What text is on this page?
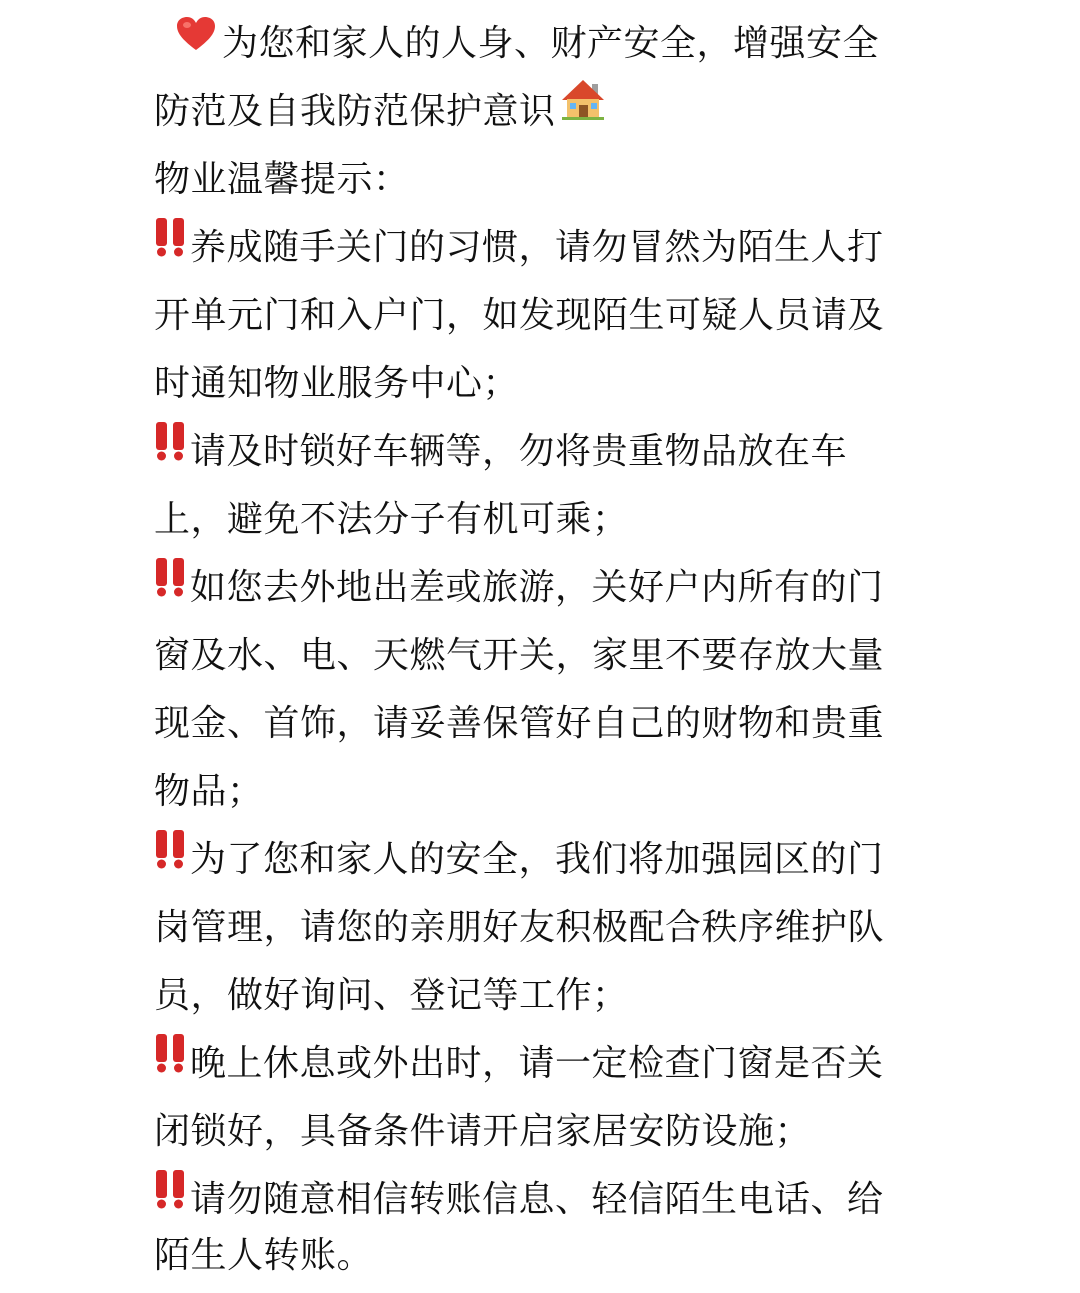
为您和家人的人身、财产安全，增强安全
防范及自我防范保护意识
物业温馨提示：
养成随手关门的习惯，请勿冒然为陌生人打
开单元门和入户门，如发现陌生可疑人员请及
时通知物业服务中心；
请及时锁好车辆等，勿将贵重物品放在车
上，避免不法分子有机可乘；
如您去外地出差或旅游，关好户内所有的门
窗及水、电、天燃气开关，家里不要存放大量
现金、首饰，请妥善保管好自己的财物和贵重
物品；
为了您和家人的安全，我们将加强园区的门
岗管理，请您的亲朋好友积极配合秩序维护队
员，做好询问、登记等工作；
晚上休息或外出时，请一定检查门窗是否关
闭锁好，具备条件请开启家居安防设施；
请勿随意相信转账信息、轻信陌生电话、给
陌生人转账。
